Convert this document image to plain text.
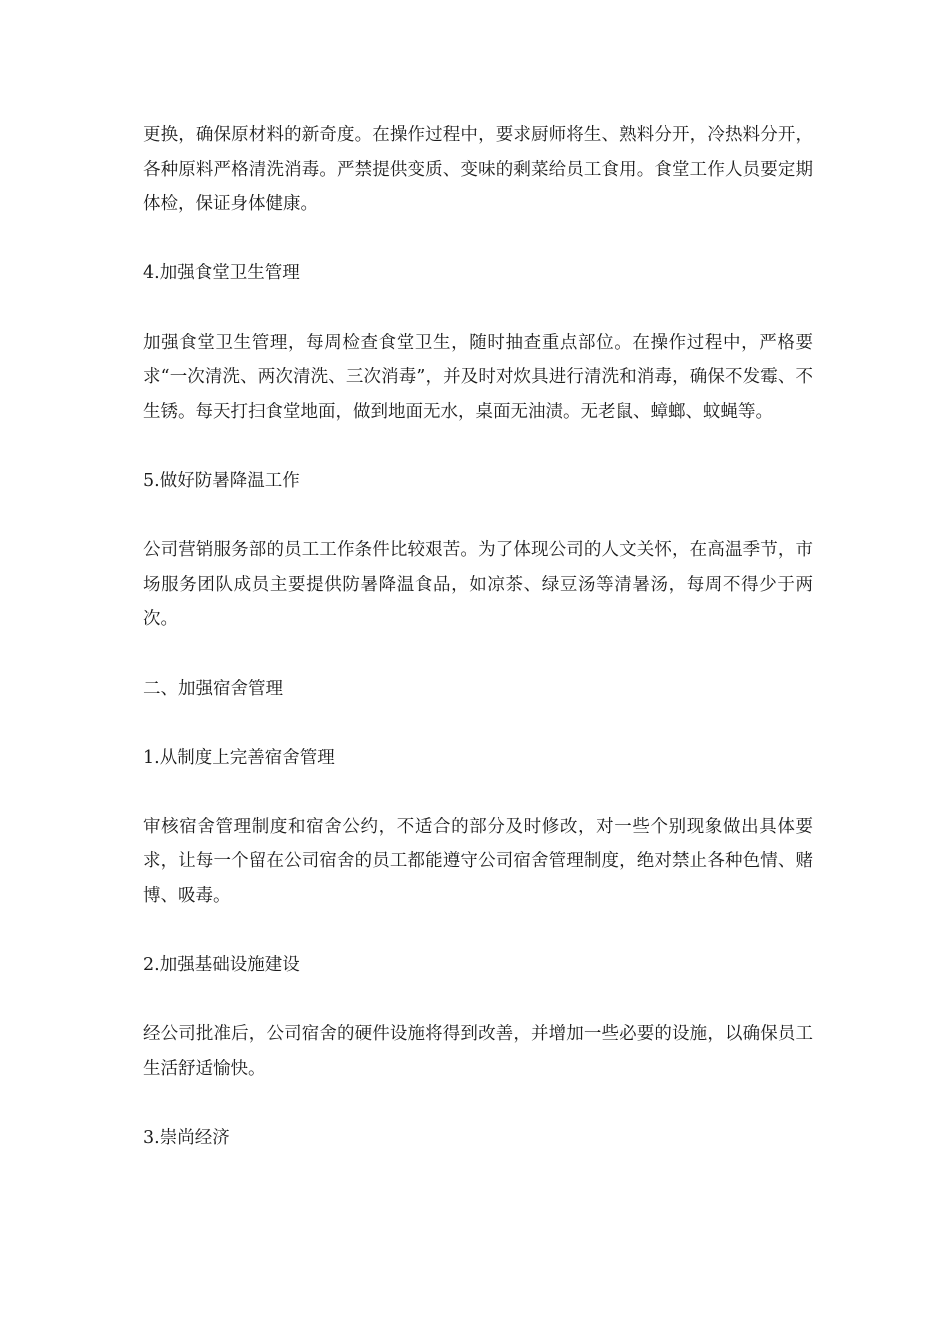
更换，确保原材料的新奇度。在操作过程中，要求厨师将生、熟料分开，冷热料分开，各种原料严格清洗消毒。严禁提供变质、变味的剩菜给员工食用。食堂工作人员要定期体检，保证身体健康。

4.加强食堂卫生管理

加强食堂卫生管理，每周检查食堂卫生，随时抽查重点部位。在操作过程中，严格要求“一次清洗、两次清洗、三次消毒”，并及时对炊具进行清洗和消毒，确保不发霉、不生锈。每天打扫食堂地面，做到地面无水，桌面无油渍。无老鼠、蟑螂、蚊蝇等。

5.做好防暑降温工作

公司营销服务部的员工工作条件比较艰苦。为了体现公司的人文关怀，在高温季节，市场服务团队成员主要提供防暑降温食品，如凉茶、绿豆汤等清暑汤，每周不得少于两次。

二、加强宿舍管理

1.从制度上完善宿舍管理

审核宿舍管理制度和宿舍公约，不适合的部分及时修改，对一些个别现象做出具体要求，让每一个留在公司宿舍的员工都能遵守公司宿舍管理制度，绝对禁止各种色情、赌博、吸毒。

2.加强基础设施建设

经公司批准后，公司宿舍的硬件设施将得到改善，并增加一些必要的设施，以确保员工生活舒适愉快。

3.崇尚经济
